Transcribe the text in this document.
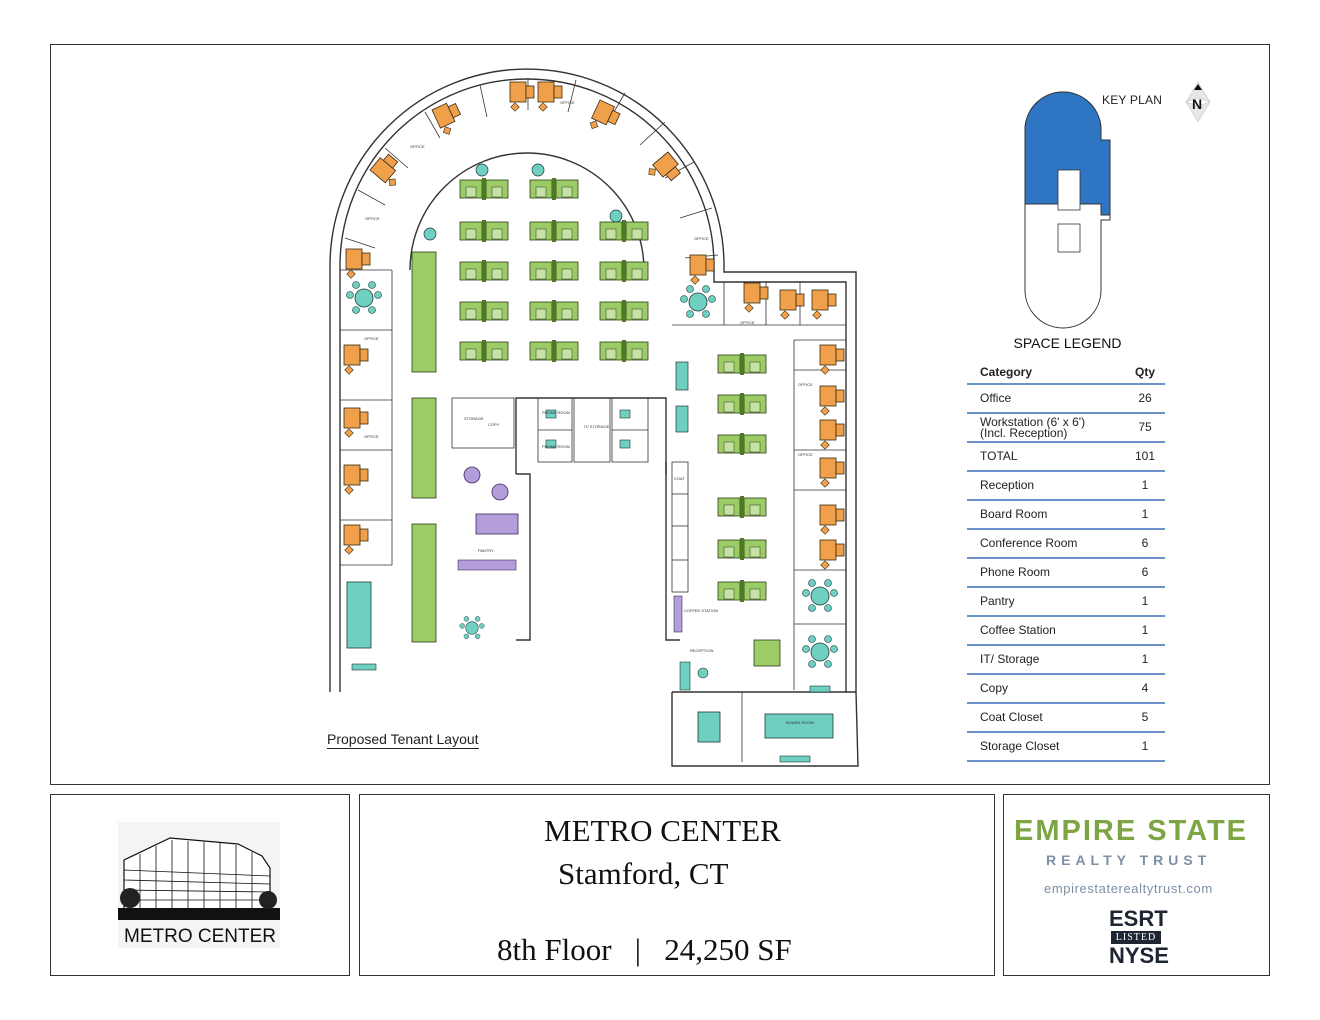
OFFICE
OFFICE
OFFICE
OFFICE
OFFICE
OFFICE
OFFICE
OFFICE
OFFICE
COPY	IT/ STORAGE
PHONE ROOM
PHONE ROOM
PANTRY
COFFEE STATION
RECEPTION
BOARD ROOM
STORAGE
COAT
N
KEY PLAN
Proposed Tenant Layout
SPACE LEGEND
Category	Qty
Office	26
Workstation (6' x 6')
(Incl. Reception)	75
TOTAL	101
Reception	1
Board Room	1
Conference Room	6
Phone Room	6
Pantry	1
Coffee Station	1
IT/ Storage	1
Copy	4
Coat Closet	5
Storage Closet	1
METRO CENTER
METRO CENTER
Stamford, CT
8th Floor | 24,250 SF
EMPIRE STATE
REALTY TRUST
empirestaterealtytrust.com
ESRT
LISTED
NYSE
